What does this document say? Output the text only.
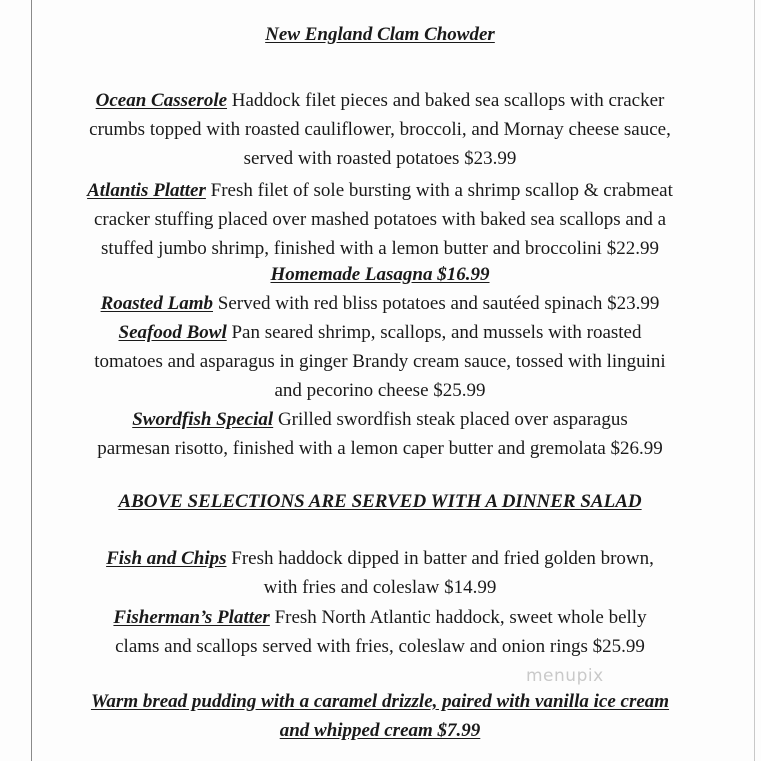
New England Clam Chowder
Ocean Casserole Haddock filet pieces and baked sea scallops with cracker
crumbs topped with roasted cauliflower, broccoli, and Mornay cheese sauce,
served with roasted potatoes $23.99
Atlantis Platter Fresh filet of sole bursting with a shrimp scallop & crabmeat
cracker stuffing placed over mashed potatoes with baked sea scallops and a
stuffed jumbo shrimp, finished with a lemon butter and broccolini $22.99
Homemade Lasagna $16.99
Roasted Lamb Served with red bliss potatoes and sautéed spinach $23.99
Seafood Bowl Pan seared shrimp, scallops, and mussels with roasted
tomatoes and asparagus in ginger Brandy cream sauce, tossed with linguini
and pecorino cheese $25.99
Swordfish Special Grilled swordfish steak placed over asparagus
parmesan risotto, finished with a lemon caper butter and gremolata $26.99
ABOVE SELECTIONS ARE SERVED WITH A DINNER SALAD
Fish and Chips Fresh haddock dipped in batter and fried golden brown,
with fries and coleslaw $14.99
Fisherman’s Platter Fresh North Atlantic haddock, sweet whole belly
clams and scallops served with fries, coleslaw and onion rings $25.99
Warm bread pudding with a caramel drizzle, paired with vanilla ice cream
and whipped cream $7.99
menupix
